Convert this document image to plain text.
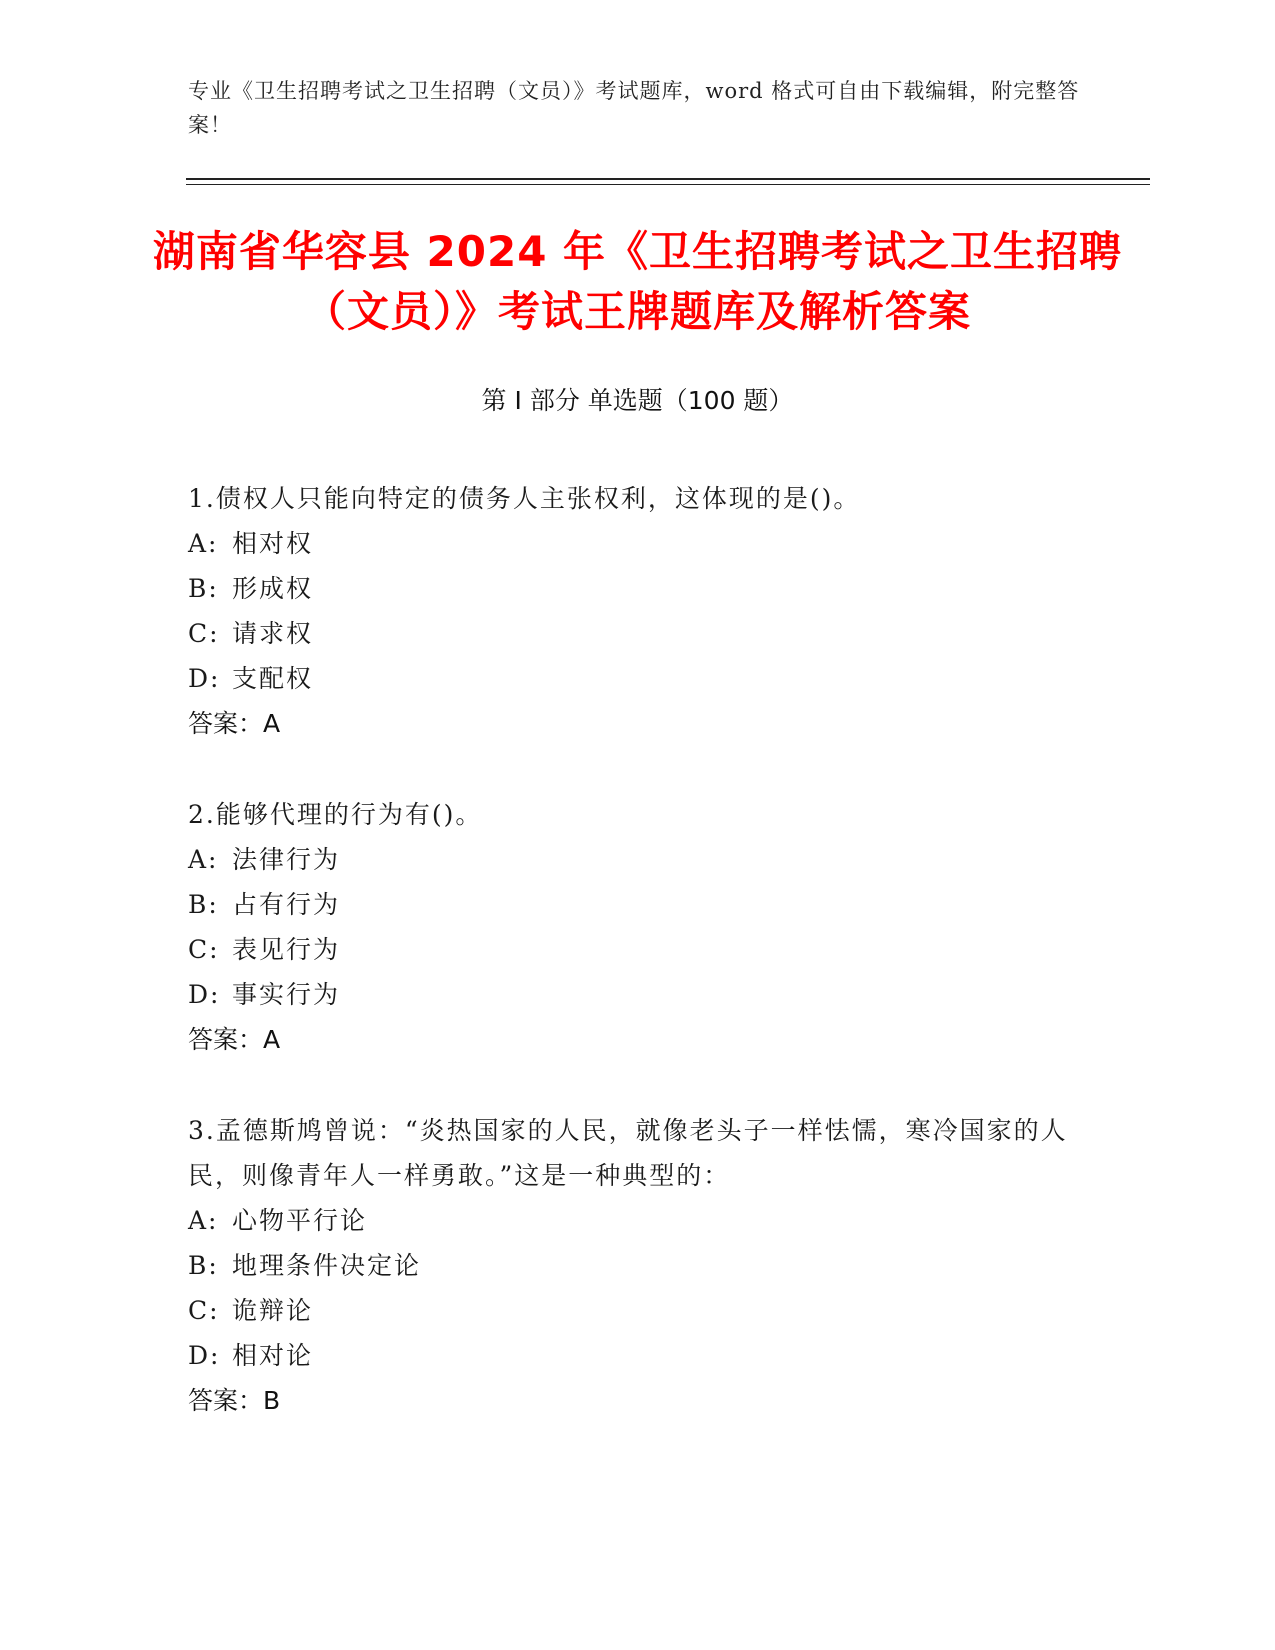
专业《卫生招聘考试之卫生招聘（文员）》考试题库，word 格式可自由下载编辑，附完整答案！
湖南省华容县 2024 年《卫生招聘考试之卫生招聘（文员）》考试王牌题库及解析答案
第 I 部分 单选题（100 题）
1.债权人只能向特定的债务人主张权利，这体现的是()。
A: 相对权
B: 形成权
C: 请求权
D: 支配权
答案：A
2.能够代理的行为有()。
A: 法律行为
B: 占有行为
C: 表见行为
D: 事实行为
答案：A
3.孟德斯鸠曾说：“炎热国家的人民，就像老头子一样怯懦，寒冷国家的人民，则像青年人一样勇敢。”这是一种典型的：
A: 心物平行论
B: 地理条件决定论
C: 诡辩论
D: 相对论
答案：B
